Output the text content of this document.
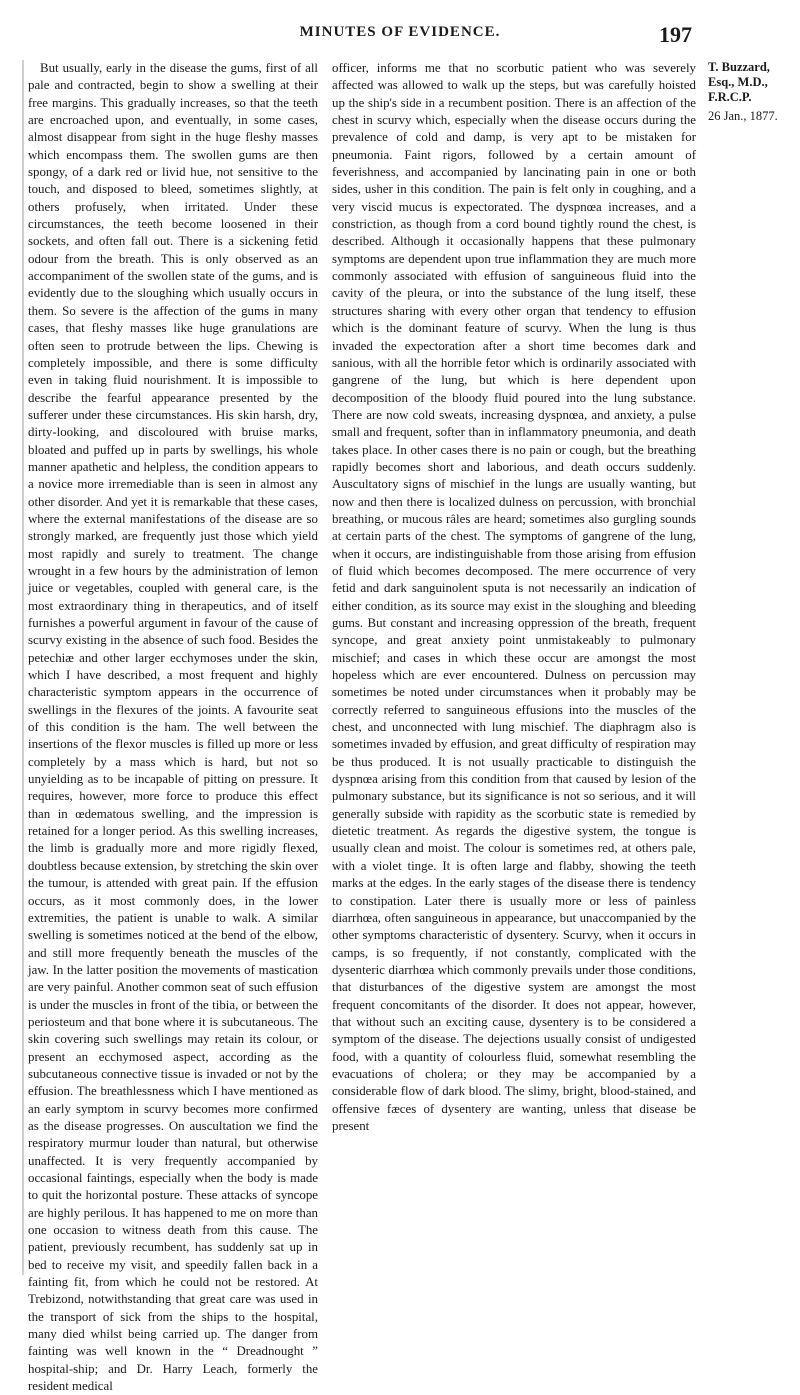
MINUTES OF EVIDENCE.	197

But usually, early in the disease the gums, first of all pale and contracted, begin to show a swelling at their free margins. This gradually increases, so that the teeth are encroached upon, and eventually, in some cases, almost disappear from sight in the huge fleshy masses which encompass them. The swollen gums are then spongy, of a dark red or livid hue, not sensitive to the touch, and disposed to bleed, sometimes slightly, at others profusely, when irritated. Under these circumstances, the teeth become loosened in their sockets, and often fall out. There is a sickening fetid odour from the breath. This is only observed as an accompaniment of the swollen state of the gums, and is evidently due to the sloughing which usually occurs in them. So severe is the affection of the gums in many cases, that fleshy masses like huge granulations are often seen to protrude between the lips. Chewing is completely impossible, and there is some difficulty even in taking fluid nourishment. It is impossible to describe the fearful appearance presented by the sufferer under these circumstances. His skin harsh, dry, dirty-looking, and discoloured with bruise marks, bloated and puffed up in parts by swellings, his whole manner apathetic and helpless, the condition appears to a novice more irremediable than is seen in almost any other disorder. And yet it is remarkable that these cases, where the external manifestations of the disease are so strongly marked, are frequently just those which yield most rapidly and surely to treatment. The change wrought in a few hours by the administration of lemon juice or vegetables, coupled with general care, is the most extraordinary thing in therapeutics, and of itself furnishes a powerful argument in favour of the cause of scurvy existing in the absence of such food. Besides the petechiæ and other larger ecchymoses under the skin, which I have described, a most frequent and highly characteristic symptom appears in the occurrence of swellings in the flexures of the joints. A favourite seat of this condition is the ham. The well between the insertions of the flexor muscles is filled up more or less completely by a mass which is hard, but not so unyielding as to be incapable of pitting on pressure. It requires, however, more force to produce this effect than in œdematous swelling, and the impression is retained for a longer period. As this swelling increases, the limb is gradually more and more rigidly flexed, doubtless because extension, by stretching the skin over the tumour, is attended with great pain. If the effusion occurs, as it most commonly does, in the lower extremities, the patient is unable to walk. A similar swelling is sometimes noticed at the bend of the elbow, and still more frequently beneath the muscles of the jaw. In the latter position the movements of mastication are very painful. Another common seat of such effusion is under the muscles in front of the tibia, or between the periosteum and that bone where it is subcutaneous. The skin covering such swellings may retain its colour, or present an ecchymosed aspect, according as the subcutaneous connective tissue is invaded or not by the effusion. The breathlessness which I have mentioned as an early symptom in scurvy becomes more confirmed as the disease progresses. On auscultation we find the respiratory murmur louder than natural, but otherwise unaffected. It is very frequently accompanied by occasional faintings, especially when the body is made to quit the horizontal posture. These attacks of syncope are highly perilous. It has happened to me on more than one occasion to witness death from this cause. The patient, previously recumbent, has suddenly sat up in bed to receive my visit, and speedily fallen back in a fainting fit, from which he could not be restored. At Trebizond, notwithstanding that great care was used in the transport of sick from the ships to the hospital, many died whilst being carried up. The danger from fainting was well known in the “ Dreadnought ” hospital-ship; and Dr. Harry Leach, formerly the resident medical

officer, informs me that no scorbutic patient who was severely affected was allowed to walk up the steps, but was carefully hoisted up the ship's side in a recumbent position. There is an affection of the chest in scurvy which, especially when the disease occurs during the prevalence of cold and damp, is very apt to be mistaken for pneumonia. Faint rigors, followed by a certain amount of feverishness, and accompanied by lancinating pain in one or both sides, usher in this condition. The pain is felt only in coughing, and a very viscid mucus is expectorated. The dyspnœa increases, and a constriction, as though from a cord bound tightly round the chest, is described. Although it occasionally happens that these pulmonary symptoms are dependent upon true inflammation they are much more commonly associated with effusion of sanguineous fluid into the cavity of the pleura, or into the substance of the lung itself, these structures sharing with every other organ that tendency to effusion which is the dominant feature of scurvy. When the lung is thus invaded the expectoration after a short time becomes dark and sanious, with all the horrible fetor which is ordinarily associated with gangrene of the lung, but which is here dependent upon decomposition of the bloody fluid poured into the lung substance. There are now cold sweats, increasing dyspnœa, and anxiety, a pulse small and frequent, softer than in inflammatory pneumonia, and death takes place. In other cases there is no pain or cough, but the breathing rapidly becomes short and laborious, and death occurs suddenly. Auscultatory signs of mischief in the lungs are usually wanting, but now and then there is localized dulness on percussion, with bronchial breathing, or mucous râles are heard; sometimes also gurgling sounds at certain parts of the chest. The symptoms of gangrene of the lung, when it occurs, are indistinguishable from those arising from effusion of fluid which becomes decomposed. The mere occurrence of very fetid and dark sanguinolent sputa is not necessarily an indication of either condition, as its source may exist in the sloughing and bleeding gums. But constant and increasing oppression of the breath, frequent syncope, and great anxiety point unmistakeably to pulmonary mischief; and cases in which these occur are amongst the most hopeless which are ever encountered. Dulness on percussion may sometimes be noted under circumstances when it probably may be correctly referred to sanguineous effusions into the muscles of the chest, and unconnected with lung mischief. The diaphragm also is sometimes invaded by effusion, and great difficulty of respiration may be thus produced. It is not usually practicable to distinguish the dyspnœa arising from this condition from that caused by lesion of the pulmonary substance, but its significance is not so serious, and it will generally subside with rapidity as the scorbutic state is remedied by dietetic treatment. As regards the digestive system, the tongue is usually clean and moist. The colour is sometimes red, at others pale, with a violet tinge. It is often large and flabby, showing the teeth marks at the edges. In the early stages of the disease there is tendency to constipation. Later there is usually more or less of painless diarrhœa, often sanguineous in appearance, but unaccompanied by the other symptoms characteristic of dysentery. Scurvy, when it occurs in camps, is so frequently, if not constantly, complicated with the dysenteric diarrhœa which commonly prevails under those conditions, that disturbances of the digestive system are amongst the most frequent concomitants of the disorder. It does not appear, however, that without such an exciting cause, dysentery is to be considered a symptom of the disease. The dejections usually consist of undigested food, with a quantity of colourless fluid, somewhat resembling the evacuations of cholera; or they may be accompanied by a considerable flow of dark blood. The slimy, bright, blood-stained, and offensive fæces of dysentery are wanting, unless that disease be present

T. Buzzard, Esq., M.D., F.R.C.P.
26 Jan., 1877.
